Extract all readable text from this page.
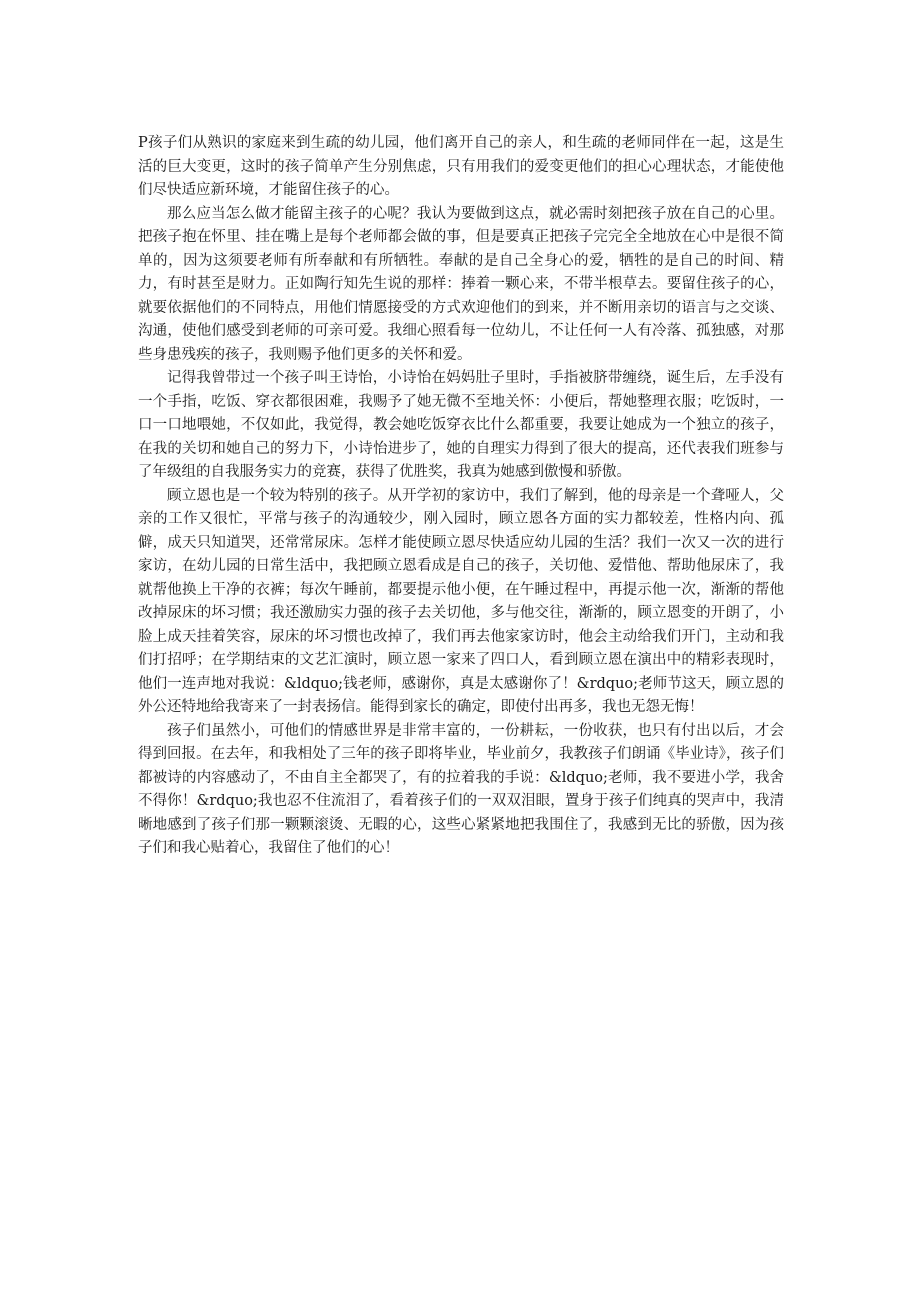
P孩子们从熟识的家庭来到生疏的幼儿园，他们离开自己的亲人，和生疏的老师同伴在一起，这是生活的巨大变更，这时的孩子简单产生分别焦虑，只有用我们的爱变更他们的担心心理状态，才能使他们尽快适应新环境，才能留住孩子的心。

那么应当怎么做才能留主孩子的心呢？我认为要做到这点，就必需时刻把孩子放在自己的心里。把孩子抱在怀里、挂在嘴上是每个老师都会做的事，但是要真正把孩子完完全全地放在心中是很不简单的，因为这须要老师有所奉献和有所牺牲。奉献的是自己全身心的爱，牺牲的是自己的时间、精力，有时甚至是财力。正如陶行知先生说的那样：捧着一颗心来，不带半根草去。要留住孩子的心，就要依据他们的不同特点，用他们情愿接受的方式欢迎他们的到来，并不断用亲切的语言与之交谈、沟通，使他们感受到老师的可亲可爱。我细心照看每一位幼儿，不让任何一人有冷落、孤独感，对那些身患残疾的孩子，我则赐予他们更多的关怀和爱。

记得我曾带过一个孩子叫王诗怡，小诗怡在妈妈肚子里时，手指被脐带缠绕，诞生后，左手没有一个手指，吃饭、穿衣都很困难，我赐予了她无微不至地关怀：小便后，帮她整理衣服；吃饭时，一口一口地喂她，不仅如此，我觉得，教会她吃饭穿衣比什么都重要，我要让她成为一个独立的孩子，在我的关切和她自己的努力下，小诗怡进步了，她的自理实力得到了很大的提高，还代表我们班参与了年级组的自我服务实力的竞赛，获得了优胜奖，我真为她感到傲慢和骄傲。

顾立恩也是一个较为特别的孩子。从开学初的家访中，我们了解到，他的母亲是一个聋哑人，父亲的工作又很忙，平常与孩子的沟通较少，刚入园时，顾立恩各方面的实力都较差，性格内向、孤僻，成天只知道哭，还常常尿床。怎样才能使顾立恩尽快适应幼儿园的生活？我们一次又一次的进行家访，在幼儿园的日常生活中，我把顾立恩看成是自己的孩子，关切他、爱惜他、帮助他尿床了，我就帮他换上干净的衣裤；每次午睡前，都要提示他小便，在午睡过程中，再提示他一次，渐渐的帮他改掉尿床的坏习惯；我还激励实力强的孩子去关切他，多与他交往，渐渐的，顾立恩变的开朗了，小脸上成天挂着笑容，尿床的坏习惯也改掉了，我们再去他家家访时，他会主动给我们开门，主动和我们打招呼；在学期结束的文艺汇演时，顾立恩一家来了四口人，看到顾立恩在演出中的精彩表现时，他们一连声地对我说：&ldquo;钱老师，感谢你，真是太感谢你了！&rdquo;老师节这天，顾立恩的外公还特地给我寄来了一封表扬信。能得到家长的确定，即使付出再多，我也无怨无悔！

孩子们虽然小，可他们的情感世界是非常丰富的，一份耕耘，一份收获，也只有付出以后，才会得到回报。在去年，和我相处了三年的孩子即将毕业，毕业前夕，我教孩子们朗诵《毕业诗》，孩子们都被诗的内容感动了，不由自主全都哭了，有的拉着我的手说：&ldquo;老师，我不要进小学，我舍不得你！&rdquo;我也忍不住流泪了，看着孩子们的一双双泪眼，置身于孩子们纯真的哭声中，我清晰地感到了孩子们那一颗颗滚烫、无暇的心，这些心紧紧地把我围住了，我感到无比的骄傲，因为孩子们和我心贴着心，我留住了他们的心！
